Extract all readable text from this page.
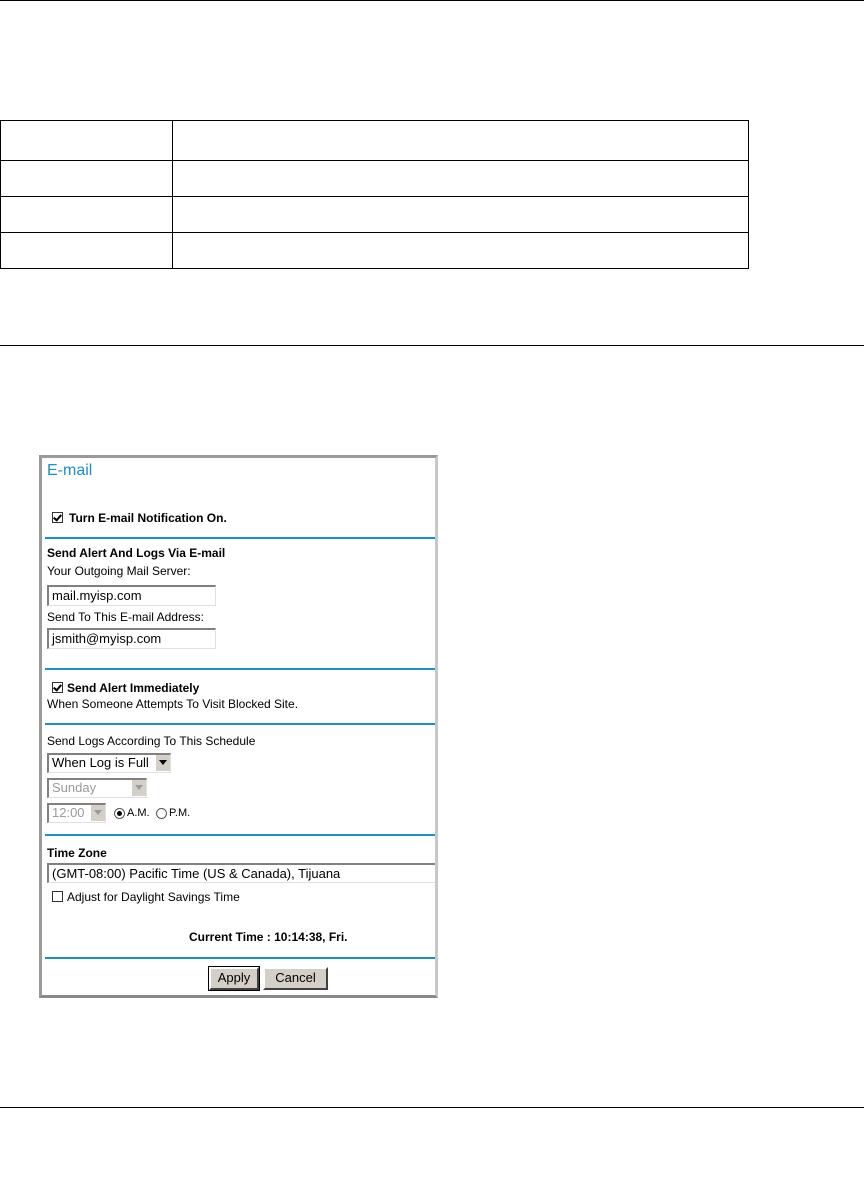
E-mail
Turn E-mail Notification On.
Send Alert And Logs Via E-mail
Your Outgoing Mail Server:
mail.myisp.com
Send To This E-mail Address:
jsmith@myisp.com
Send Alert Immediately
When Someone Attempts To Visit Blocked Site.
Send Logs According To This Schedule
When Log is Full
Sunday
12:00	A.M. P.M.
Time Zone
(GMT-08:00) Pacific Time (US & Canada), Tijuana
Adjust for Daylight Savings Time
Current Time : 10:14:38, Fri.
Apply	Cancel
